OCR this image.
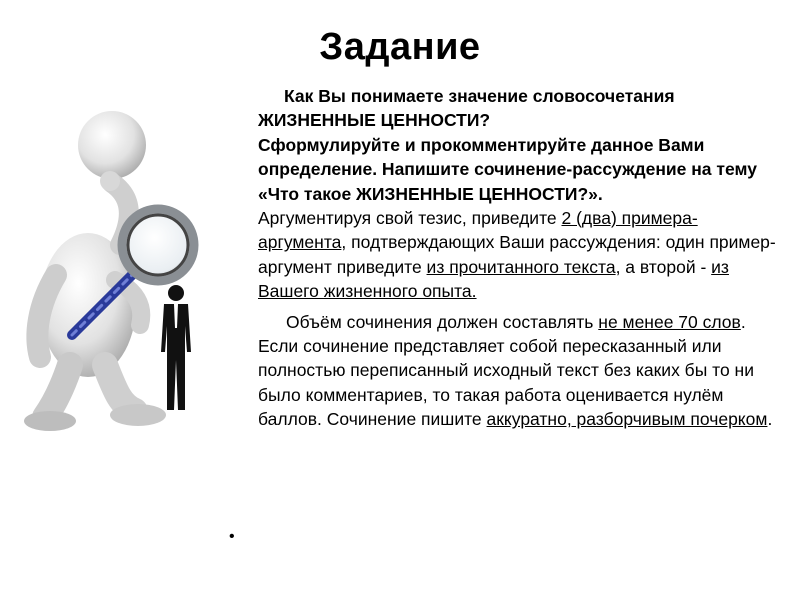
Задание

Как Вы понимаете значение словосочетания ЖИЗНЕННЫЕ ЦЕННОСТИ?

Сформулируйте и прокомментируйте данное Вами определение. Напишите сочинение-рассуждение на тему «Что такое ЖИЗНЕННЫЕ ЦЕННОСТИ?».

Аргументируя свой тезис, приведите 2 (два) примера-аргумента, подтверждающих Ваши рассуждения: один пример-аргумент приведите из прочитанного текста, а второй - из Вашего жизненного опыта.

Объём сочинения должен составлять не менее 70 слов. Если сочинение представляет собой пересказанный или полностью переписанный исходный текст без каких бы то ни было комментариев, то такая работа оценивается нулём баллов. Сочинение пишите аккуратно, разборчивым почерком.

•
